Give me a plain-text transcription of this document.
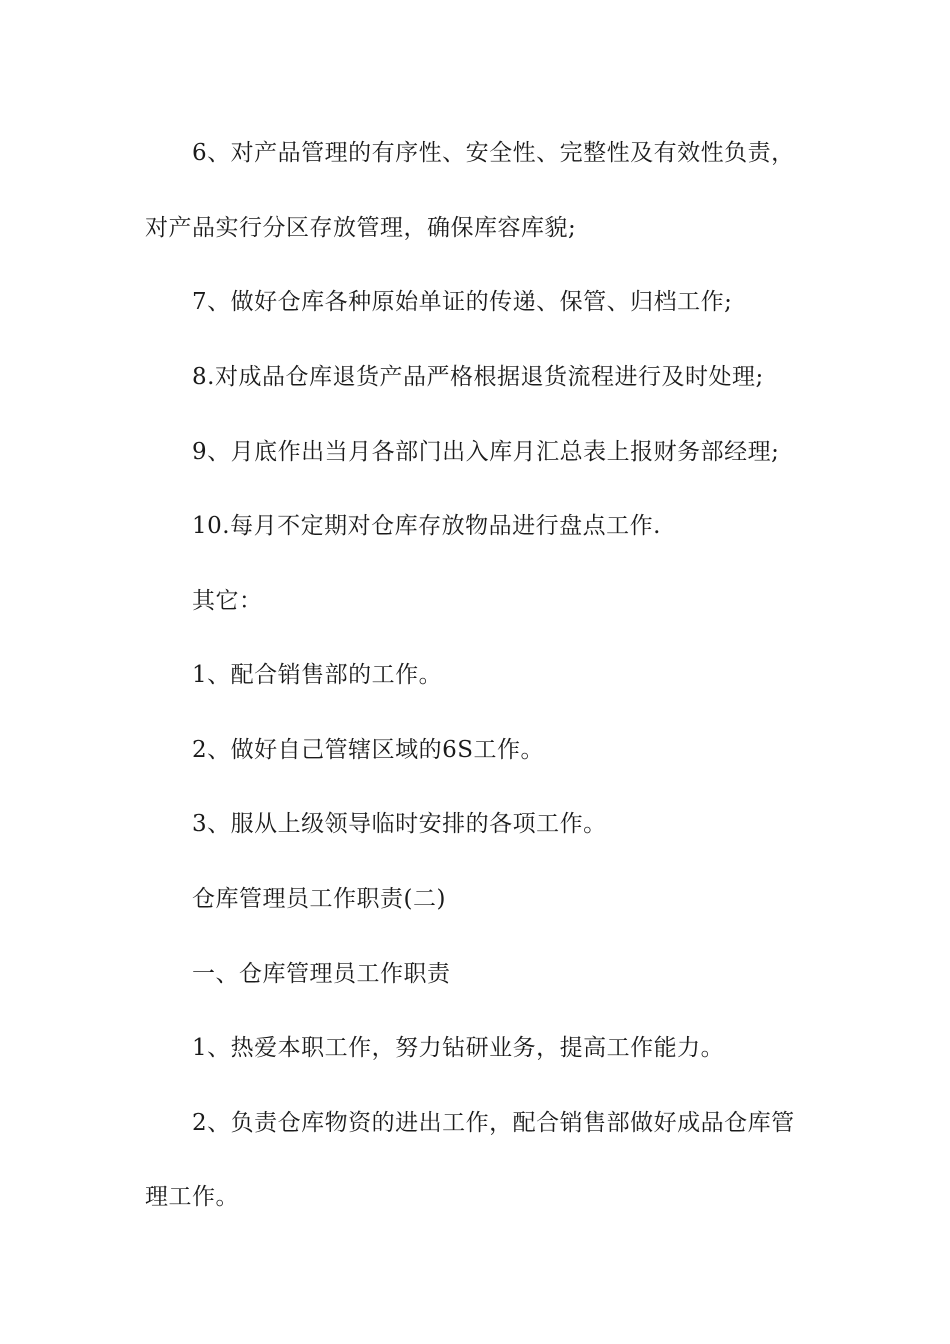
6、对产品管理的有序性、安全性、完整性及有效性负责，
对产品实行分区存放管理，确保库容库貌;
7、做好仓库各种原始单证的传递、保管、归档工作;
8.对成品仓库退货产品严格根据退货流程进行及时处理;
9、月底作出当月各部门出入库月汇总表上报财务部经理;
10.每月不定期对仓库存放物品进行盘点工作.
其它：
1、配合销售部的工作。
2、做好自己管辖区域的6S工作。
3、服从上级领导临时安排的各项工作。
仓库管理员工作职责(二)
一、仓库管理员工作职责
1、热爱本职工作，努力钻研业务，提高工作能力。
2、负责仓库物资的进出工作，配合销售部做好成品仓库管
理工作。
